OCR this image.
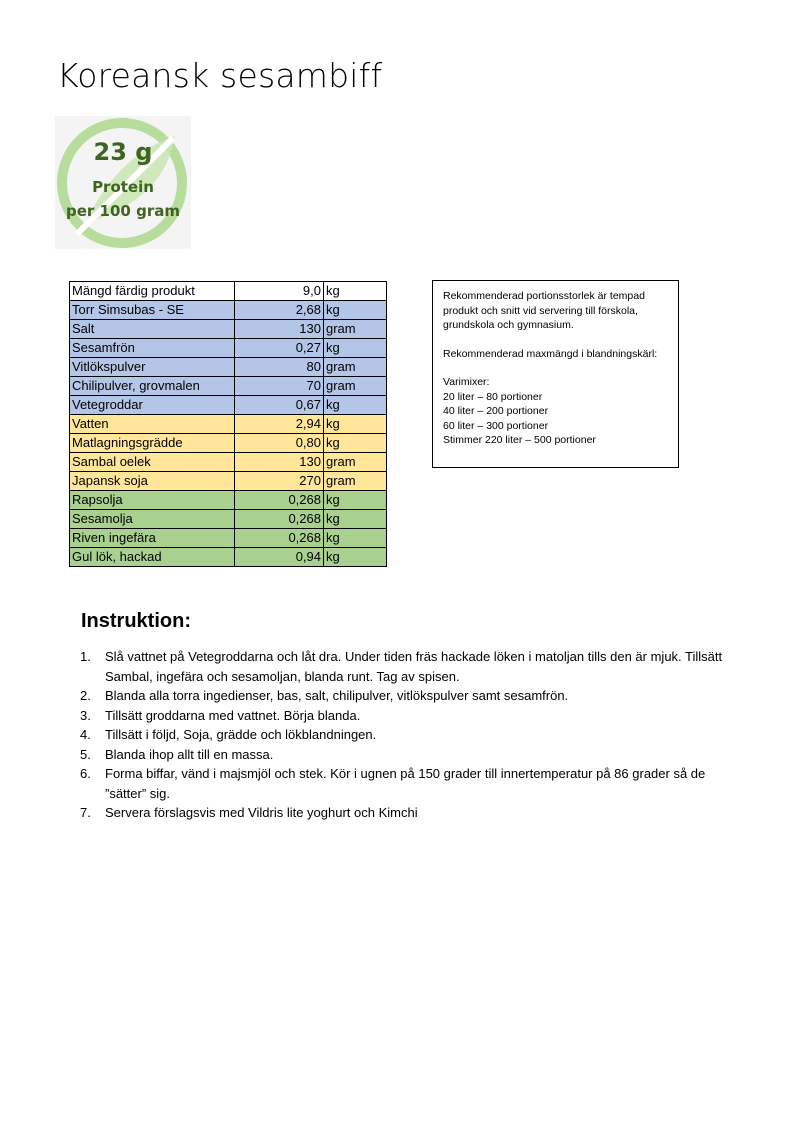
Koreansk sesambiff
23 g
Protein
per 100 gram
Mängd färdig produkt	9,0	kg
Torr Simsubas - SE	2,68	kg
Salt	130	gram
Sesamfrön	0,27	kg
Vitlökspulver	80	gram
Chilipulver, grovmalen	70	gram
Vetegroddar	0,67	kg
Vatten	2,94	kg
Matlagningsgrädde	0,80	kg
Sambal oelek	130	gram
Japansk soja	270	gram
Rapsolja	0,268	kg
Sesamolja	0,268	kg
Riven ingefära	0,268	kg
Gul lök, hackad	0,94	kg

Rekommenderad portionsstorlek är tempad produkt och snitt vid servering till förskola, grundskola och gymnasium.

Rekommenderad maxmängd i blandningskärl:

Varimixer:

20 liter – 80 portioner

40 liter – 200 portioner

60 liter – 300 portioner

Stimmer 220 liter – 500 portioner

Instruktion:
1. Slå vattnet på Vetegroddarna och låt dra. Under tiden fräs hackade löken i matoljan tills den är mjuk. Tillsätt Sambal, ingefära och sesamoljan, blanda runt. Tag av spisen.
2. Blanda alla torra ingedienser, bas, salt, chilipulver, vitlökspulver samt sesamfrön.
3. Tillsätt groddarna med vattnet. Börja blanda.
4. Tillsätt i följd, Soja, grädde och lökblandningen.
5. Blanda ihop allt till en massa.
6. Forma biffar, vänd i majsmjöl och stek. Kör i ugnen på 150 grader till innertemperatur på 86 grader så de ”sätter” sig.
7. Servera förslagsvis med Vildris lite yoghurt och Kimchi
